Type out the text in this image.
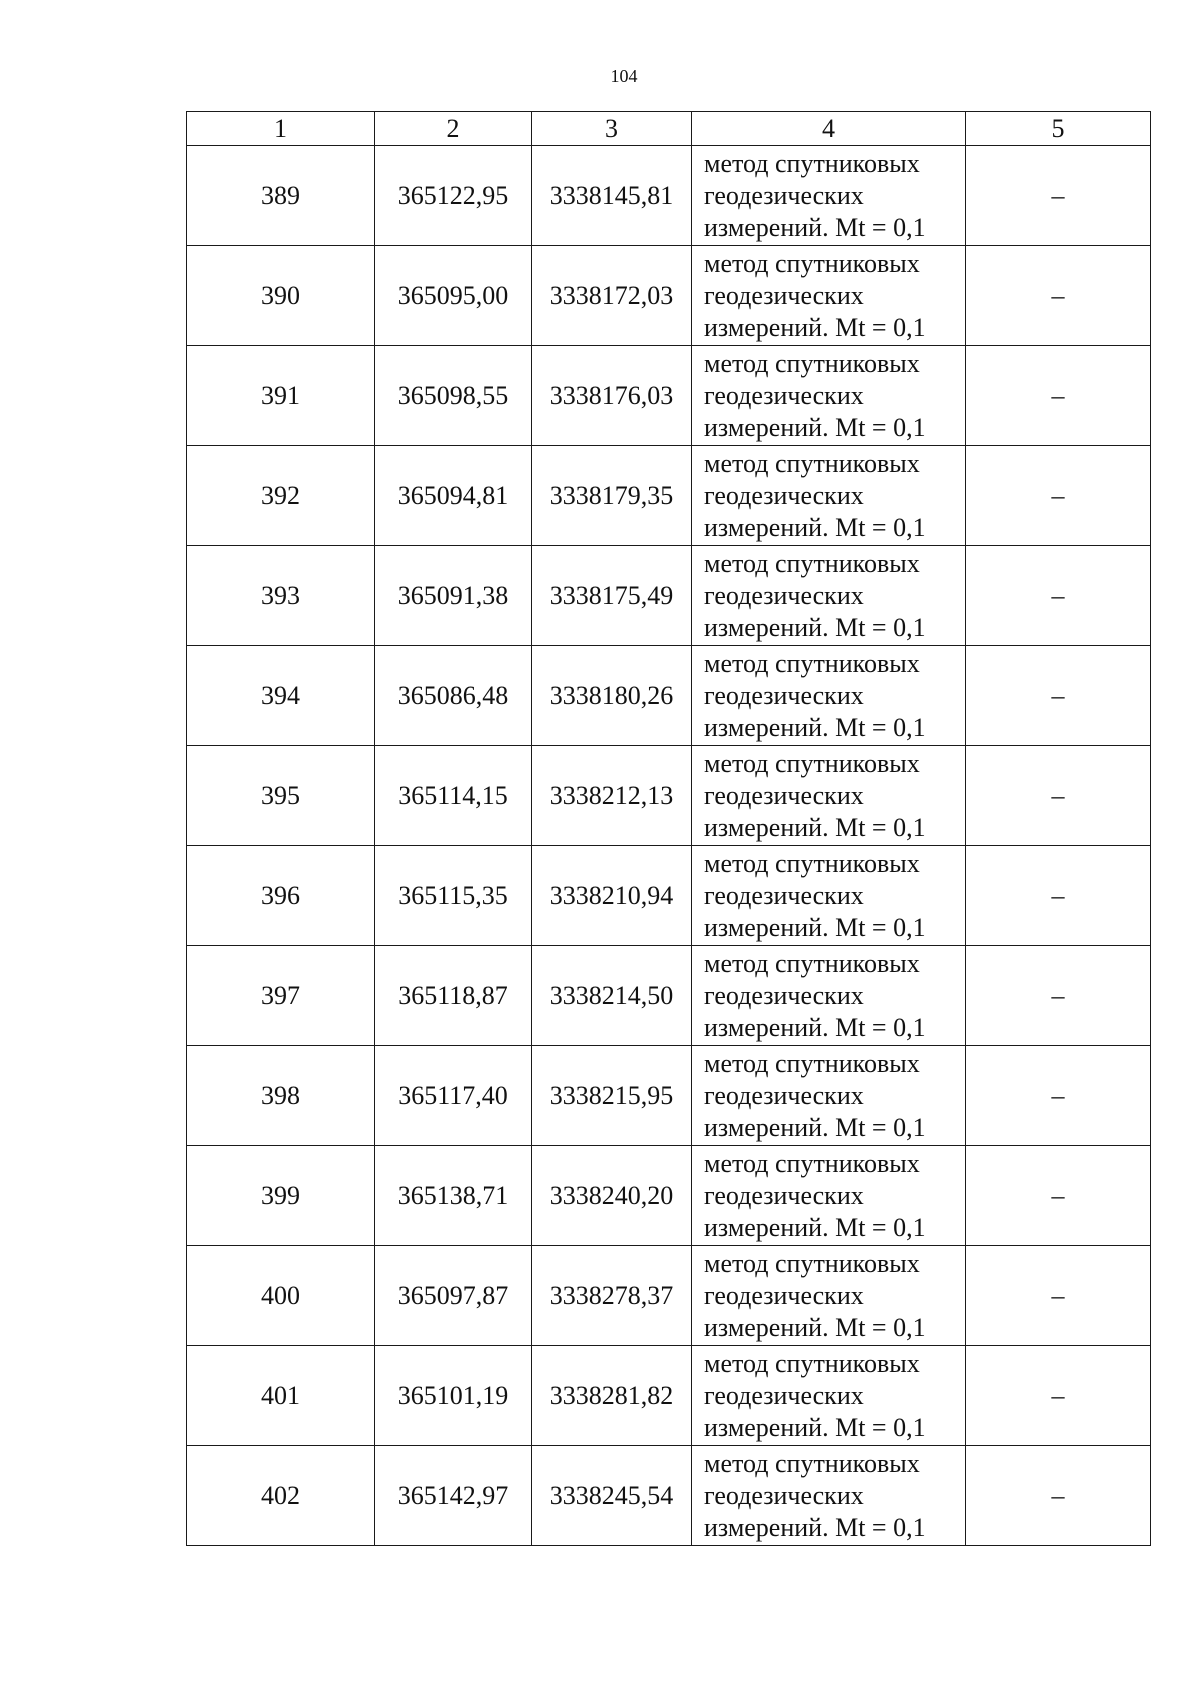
104
1	2	3	4	5
389	365122,95	3338145,81	метод спутниковых
геодезических
измерений. Mt = 0,1	–
390	365095,00	3338172,03	метод спутниковых
геодезических
измерений. Mt = 0,1	–
391	365098,55	3338176,03	метод спутниковых
геодезических
измерений. Mt = 0,1	–
392	365094,81	3338179,35	метод спутниковых
геодезических
измерений. Mt = 0,1	–
393	365091,38	3338175,49	метод спутниковых
геодезических
измерений. Mt = 0,1	–
394	365086,48	3338180,26	метод спутниковых
геодезических
измерений. Mt = 0,1	–
395	365114,15	3338212,13	метод спутниковых
геодезических
измерений. Mt = 0,1	–
396	365115,35	3338210,94	метод спутниковых
геодезических
измерений. Mt = 0,1	–
397	365118,87	3338214,50	метод спутниковых
геодезических
измерений. Mt = 0,1	–
398	365117,40	3338215,95	метод спутниковых
геодезических
измерений. Mt = 0,1	–
399	365138,71	3338240,20	метод спутниковых
геодезических
измерений. Mt = 0,1	–
400	365097,87	3338278,37	метод спутниковых
геодезических
измерений. Mt = 0,1	–
401	365101,19	3338281,82	метод спутниковых
геодезических
измерений. Mt = 0,1	–
402	365142,97	3338245,54	метод спутниковых
геодезических
измерений. Mt = 0,1	–
